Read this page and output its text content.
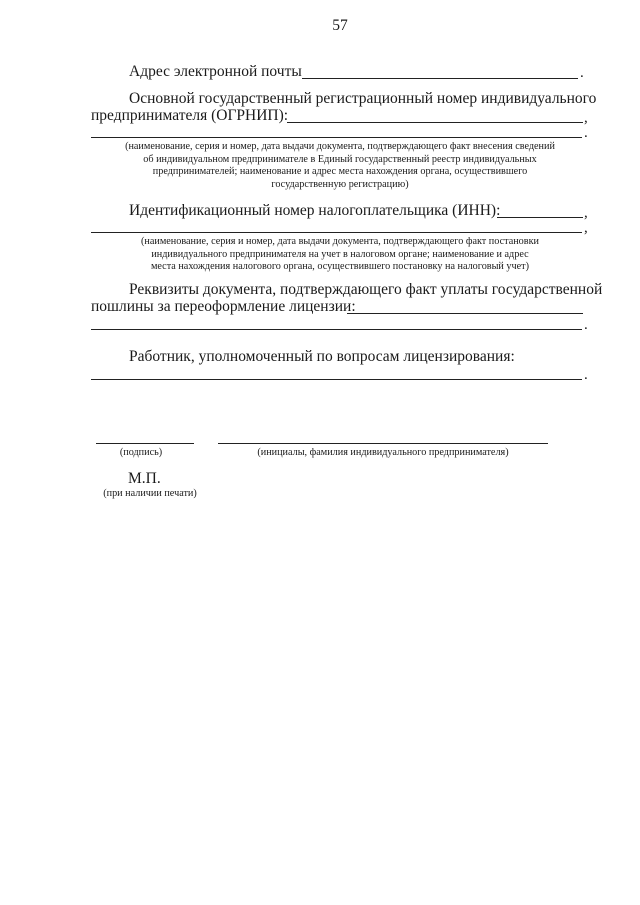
57
Адрес электронной почты	.
Основной государственный регистрационный номер индивидуального
предпринимателя (ОГРНИП):	,
.
(наименование, серия и номер, дата выдачи документа, подтверждающего факт внесения сведений
об индивидуальном предпринимателе в Единый государственный реестр индивидуальных
предпринимателей; наименование и адрес места нахождения органа, осуществившего
государственную регистрацию)
Идентификационный номер налогоплательщика (ИНН):	,
,
(наименование, серия и номер, дата выдачи документа, подтверждающего факт постановки
индивидуального предпринимателя на учет в налоговом органе; наименование и адрес
места нахождения налогового органа, осуществившего постановку на налоговый учет)
Реквизиты документа, подтверждающего факт уплаты государственной
пошлины за переоформление лицензии:
.
Работник, уполномоченный по вопросам лицензирования:
.
(подпись)	(инициалы, фамилия индивидуального предпринимателя)
М.П.
(при наличии печати)
